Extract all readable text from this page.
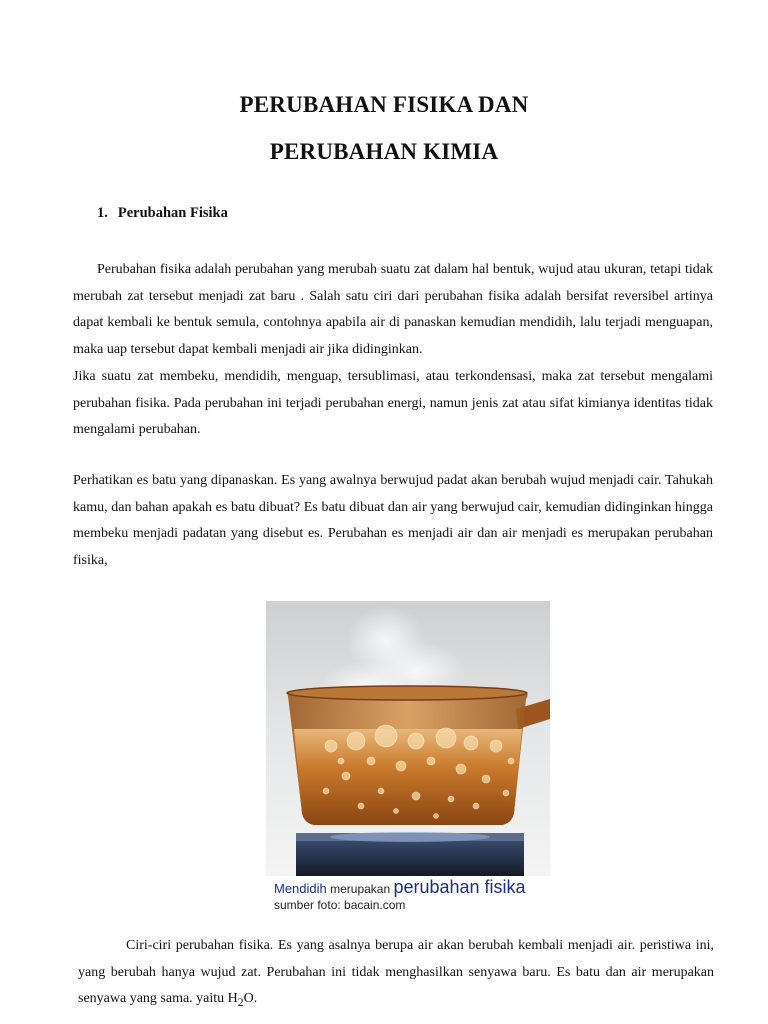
PERUBAHAN FISIKA DAN
PERUBAHAN KIMIA
1. Perubahan Fisika

Perubahan fisika adalah perubahan yang merubah suatu zat dalam hal bentuk, wujud atau ukuran, tetapi tidak merubah zat tersebut menjadi zat baru . Salah satu ciri dari perubahan fisika adalah bersifat reversibel artinya dapat kembali ke bentuk semula, contohnya apabila air di panaskan kemudian mendidih, lalu terjadi menguapan, maka uap tersebut dapat kembali menjadi air jika didinginkan.

Jika suatu zat membeku, mendidih, menguap, tersublimasi, atau terkondensasi, maka zat tersebut mengalami perubahan fisika. Pada perubahan ini terjadi perubahan energi, namun jenis zat atau sifat kimianya identitas tidak mengalami perubahan.

Perhatikan es batu yang dipanaskan. Es yang awalnya berwujud padat akan berubah wujud menjadi cair. Tahukah kamu, dan bahan apakah es batu dibuat? Es batu dibuat dan air yang berwujud cair, kemudian didinginkan hingga membeku menjadi padatan yang disebut es. Perubahan es menjadi air dan air menjadi es merupakan perubahan fisika,

Mendidih merupakan perubahan fisika
sumber foto: bacain.com

Ciri-ciri perubahan fisika. Es yang asalnya berupa air akan berubah kembali menjadi air. peristiwa ini, yang berubah hanya wujud zat. Perubahan ini tidak menghasilkan senyawa baru. Es batu dan air merupakan senyawa yang sama. yaitu $H_2O$.
